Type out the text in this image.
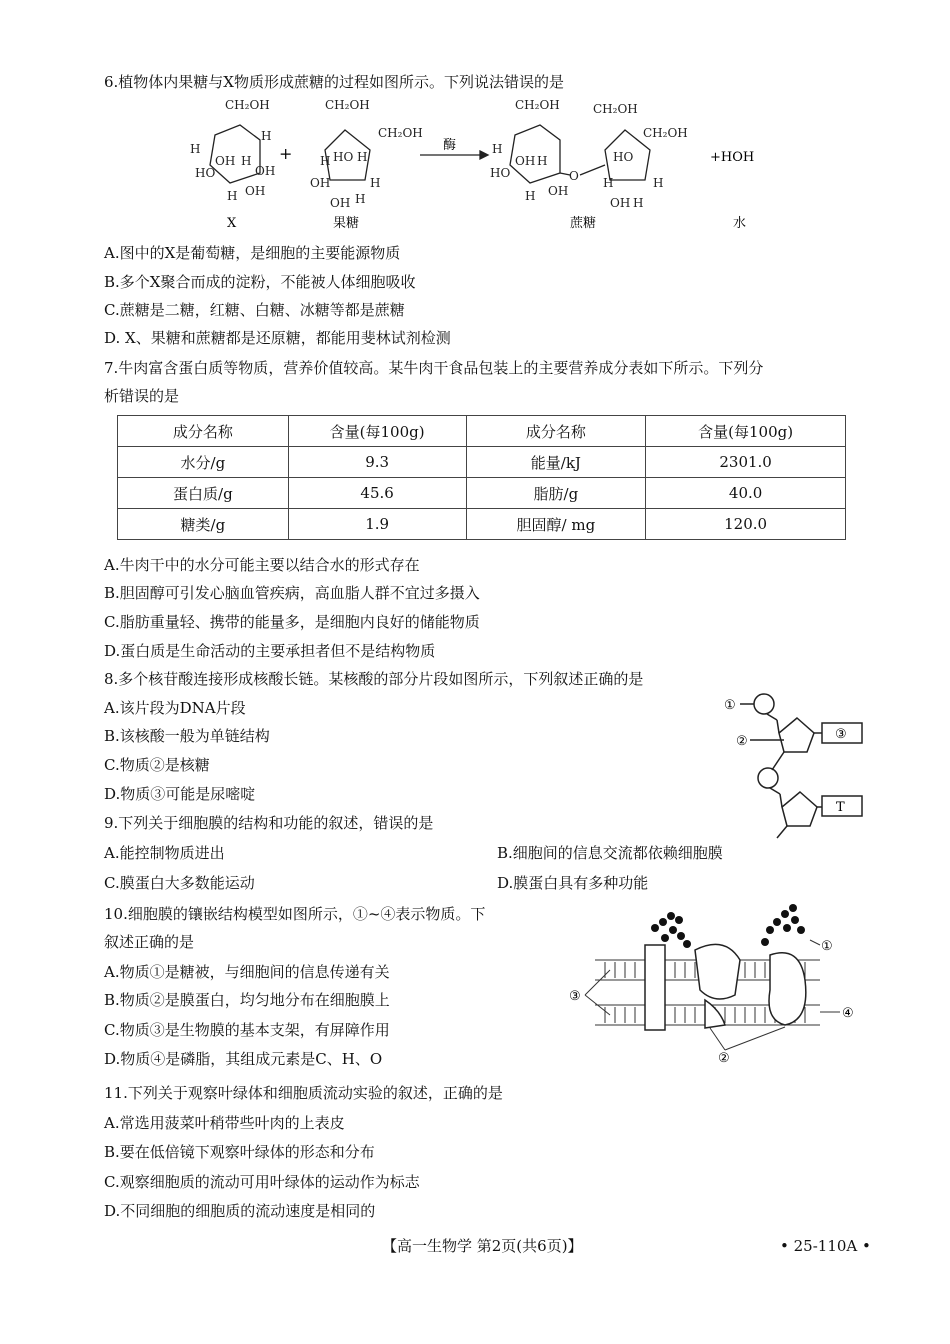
6.植物体内果糖与X物质形成蔗糖的过程如图所示。下列说法错误的是
CH₂OH	CH₂OH
CH₂OH
CH₂OH	CH₂OH
CH₂OH
H
HO
OH H
H
OH
H OH
H HO H
OH	H
OH H
HO
OH H
H
H OH
O
HO
H	H
OH H
+	酶
+HOH
X	果糖	蔗糖	水
A.图中的X是葡萄糖，是细胞的主要能源物质
B.多个X聚合而成的淀粉，不能被人体细胞吸收
C.蔗糖是二糖，红糖、白糖、冰糖等都是蔗糖
D. X、果糖和蔗糖都是还原糖，都能用斐林试剂检测
7.牛肉富含蛋白质等物质，营养价值较高。某牛肉干食品包装上的主要营养成分表如下所示。下列分
析错误的是
成分名称	含量(每100g)	成分名称	含量(每100g)
水分/g	9.3	能量/kJ	2301.0
蛋白质/g	45.6	脂肪/g	40.0
糖类/g	1.9	胆固醇/ mg	120.0
A.牛肉干中的水分可能主要以结合水的形式存在
B.胆固醇可引发心脑血管疾病，高血脂人群不宜过多摄入
C.脂肪重量轻、携带的能量多，是细胞内良好的储能物质
D.蛋白质是生命活动的主要承担者但不是结构物质
8.多个核苷酸连接形成核酸长链。某核酸的部分片段如图所示，下列叙述正确的是
A.该片段为DNA片段
B.该核酸一般为单链结构
C.物质②是核糖
D.物质③可能是尿嘧啶
①
②	③
T
9.下列关于细胞膜的结构和功能的叙述，错误的是
A.能控制物质进出	B.细胞间的信息交流都依赖细胞膜
C.膜蛋白大多数能运动	D.膜蛋白具有多种功能
10.细胞膜的镶嵌结构模型如图所示，①~④表示物质。下
叙述正确的是
A.物质①是糖被，与细胞间的信息传递有关
B.物质②是膜蛋白，均匀地分布在细胞膜上
C.物质③是生物膜的基本支架，有屏障作用
D.物质④是磷脂，其组成元素是C、H、O
①
②
③
④
11.下列关于观察叶绿体和细胞质流动实验的叙述，正确的是
A.常选用菠菜叶稍带些叶肉的上表皮
B.要在低倍镜下观察叶绿体的形态和分布
C.观察细胞质的流动可用叶绿体的运动作为标志
D.不同细胞的细胞质的流动速度是相同的
【高一生物学 第2页(共6页)】	• 25-110A •
